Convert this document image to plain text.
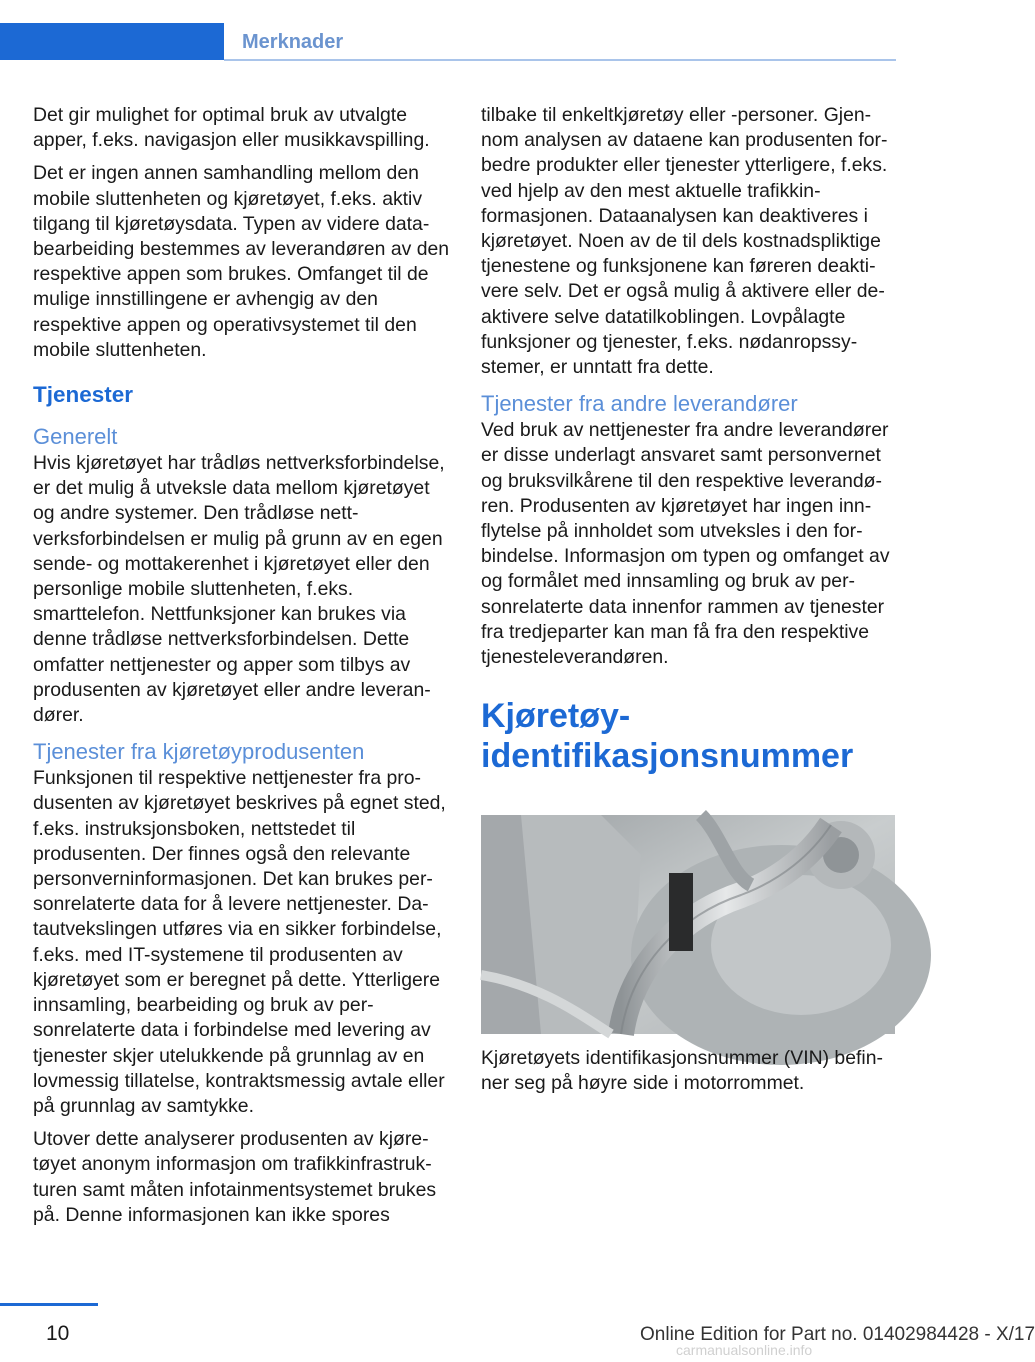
Merknader

Det gir mulighet for optimal bruk av utvalgte apper, f.eks. navigasjon eller musikkavspilling.

Det er ingen annen samhandling mellom den mobile sluttenheten og kjøretøyet, f.eks. aktiv tilgang til kjøretøysdata. Typen av videre databearbeiding bestemmes av leverandøren av den respektive appen som brukes. Omfanget til de mulige innstillingene er avhengig av den respektive appen og operativsystemet til den mobile sluttenheten.

Tjenester
Generelt

Hvis kjøretøyet har trådløs nettverksforbindelse, er det mulig å utveksle data mellom kjøretøyet og andre systemer. Den trådløse nettverksforbindelsen er mulig på grunn av en egen sende- og mottakerenhet i kjøretøyet eller den personlige mobile sluttenheten, f.eks. smarttelefon. Nettfunksjoner kan brukes via denne trådløse nettverksforbindelsen. Dette omfatter nettjenester og apper som tilbys av produsenten av kjøretøyet eller andre leverandører.

Tjenester fra kjøretøyprodusenten

Funksjonen til respektive nettjenester fra produsenten av kjøretøyet beskrives på egnet sted, f.eks. instruksjonsboken, nettstedet til produsenten. Der finnes også den relevante personverninformasjonen. Det kan brukes personrelaterte data for å levere nettjenester. Datautvekslingen utføres via en sikker forbindelse, f.eks. med IT-systemene til produsenten av kjøretøyet som er beregnet på dette. Ytterligere innsamling, bearbeiding og bruk av personrelaterte data i forbindelse med levering av tjenester skjer utelukkende på grunnlag av en lovmessig tillatelse, kontraktsmessig avtale eller på grunnlag av samtykke.

Utover dette analyserer produsenten av kjøretøyet anonym informasjon om trafikkinfrastrukturen samt måten infotainmentsystemet brukes på. Denne informasjonen kan ikke spores

tilbake til enkeltkjøretøy eller -personer. Gjennom analysen av dataene kan produsenten forbedre produkter eller tjenester ytterligere, f.eks. ved hjelp av den mest aktuelle trafikkinformasjonen. Dataanalysen kan deaktiveres i kjøretøyet. Noen av de til dels kostnadspliktige tjenestene og funksjonene kan føreren deaktivere selv. Det er også mulig å aktivere eller deaktivere selve datatilkoblingen. Lovpålagte funksjoner og tjenester, f.eks. nødanropssystemer, er unntatt fra dette.

Tjenester fra andre leverandører

Ved bruk av nettjenester fra andre leverandører er disse underlagt ansvaret samt personvernet og bruksvilkårene til den respektive leverandøren. Produsenten av kjøretøyet har ingen innflytelse på innholdet som utveksles i den forbindelse. Informasjon om typen og omfanget av og formålet med innsamling og bruk av personrelaterte data innenfor rammen av tjenester fra tredjeparter kan man få fra den respektive tjenesteleverandøren.

Kjøretøyidentifikasjonsnummer

Kjøretøyets identifikasjonsnummer (VIN) befinner seg på høyre side i motorrommet.

10	Online Edition for Part no. 01402984428 - X/17
carmanualsonline.info
